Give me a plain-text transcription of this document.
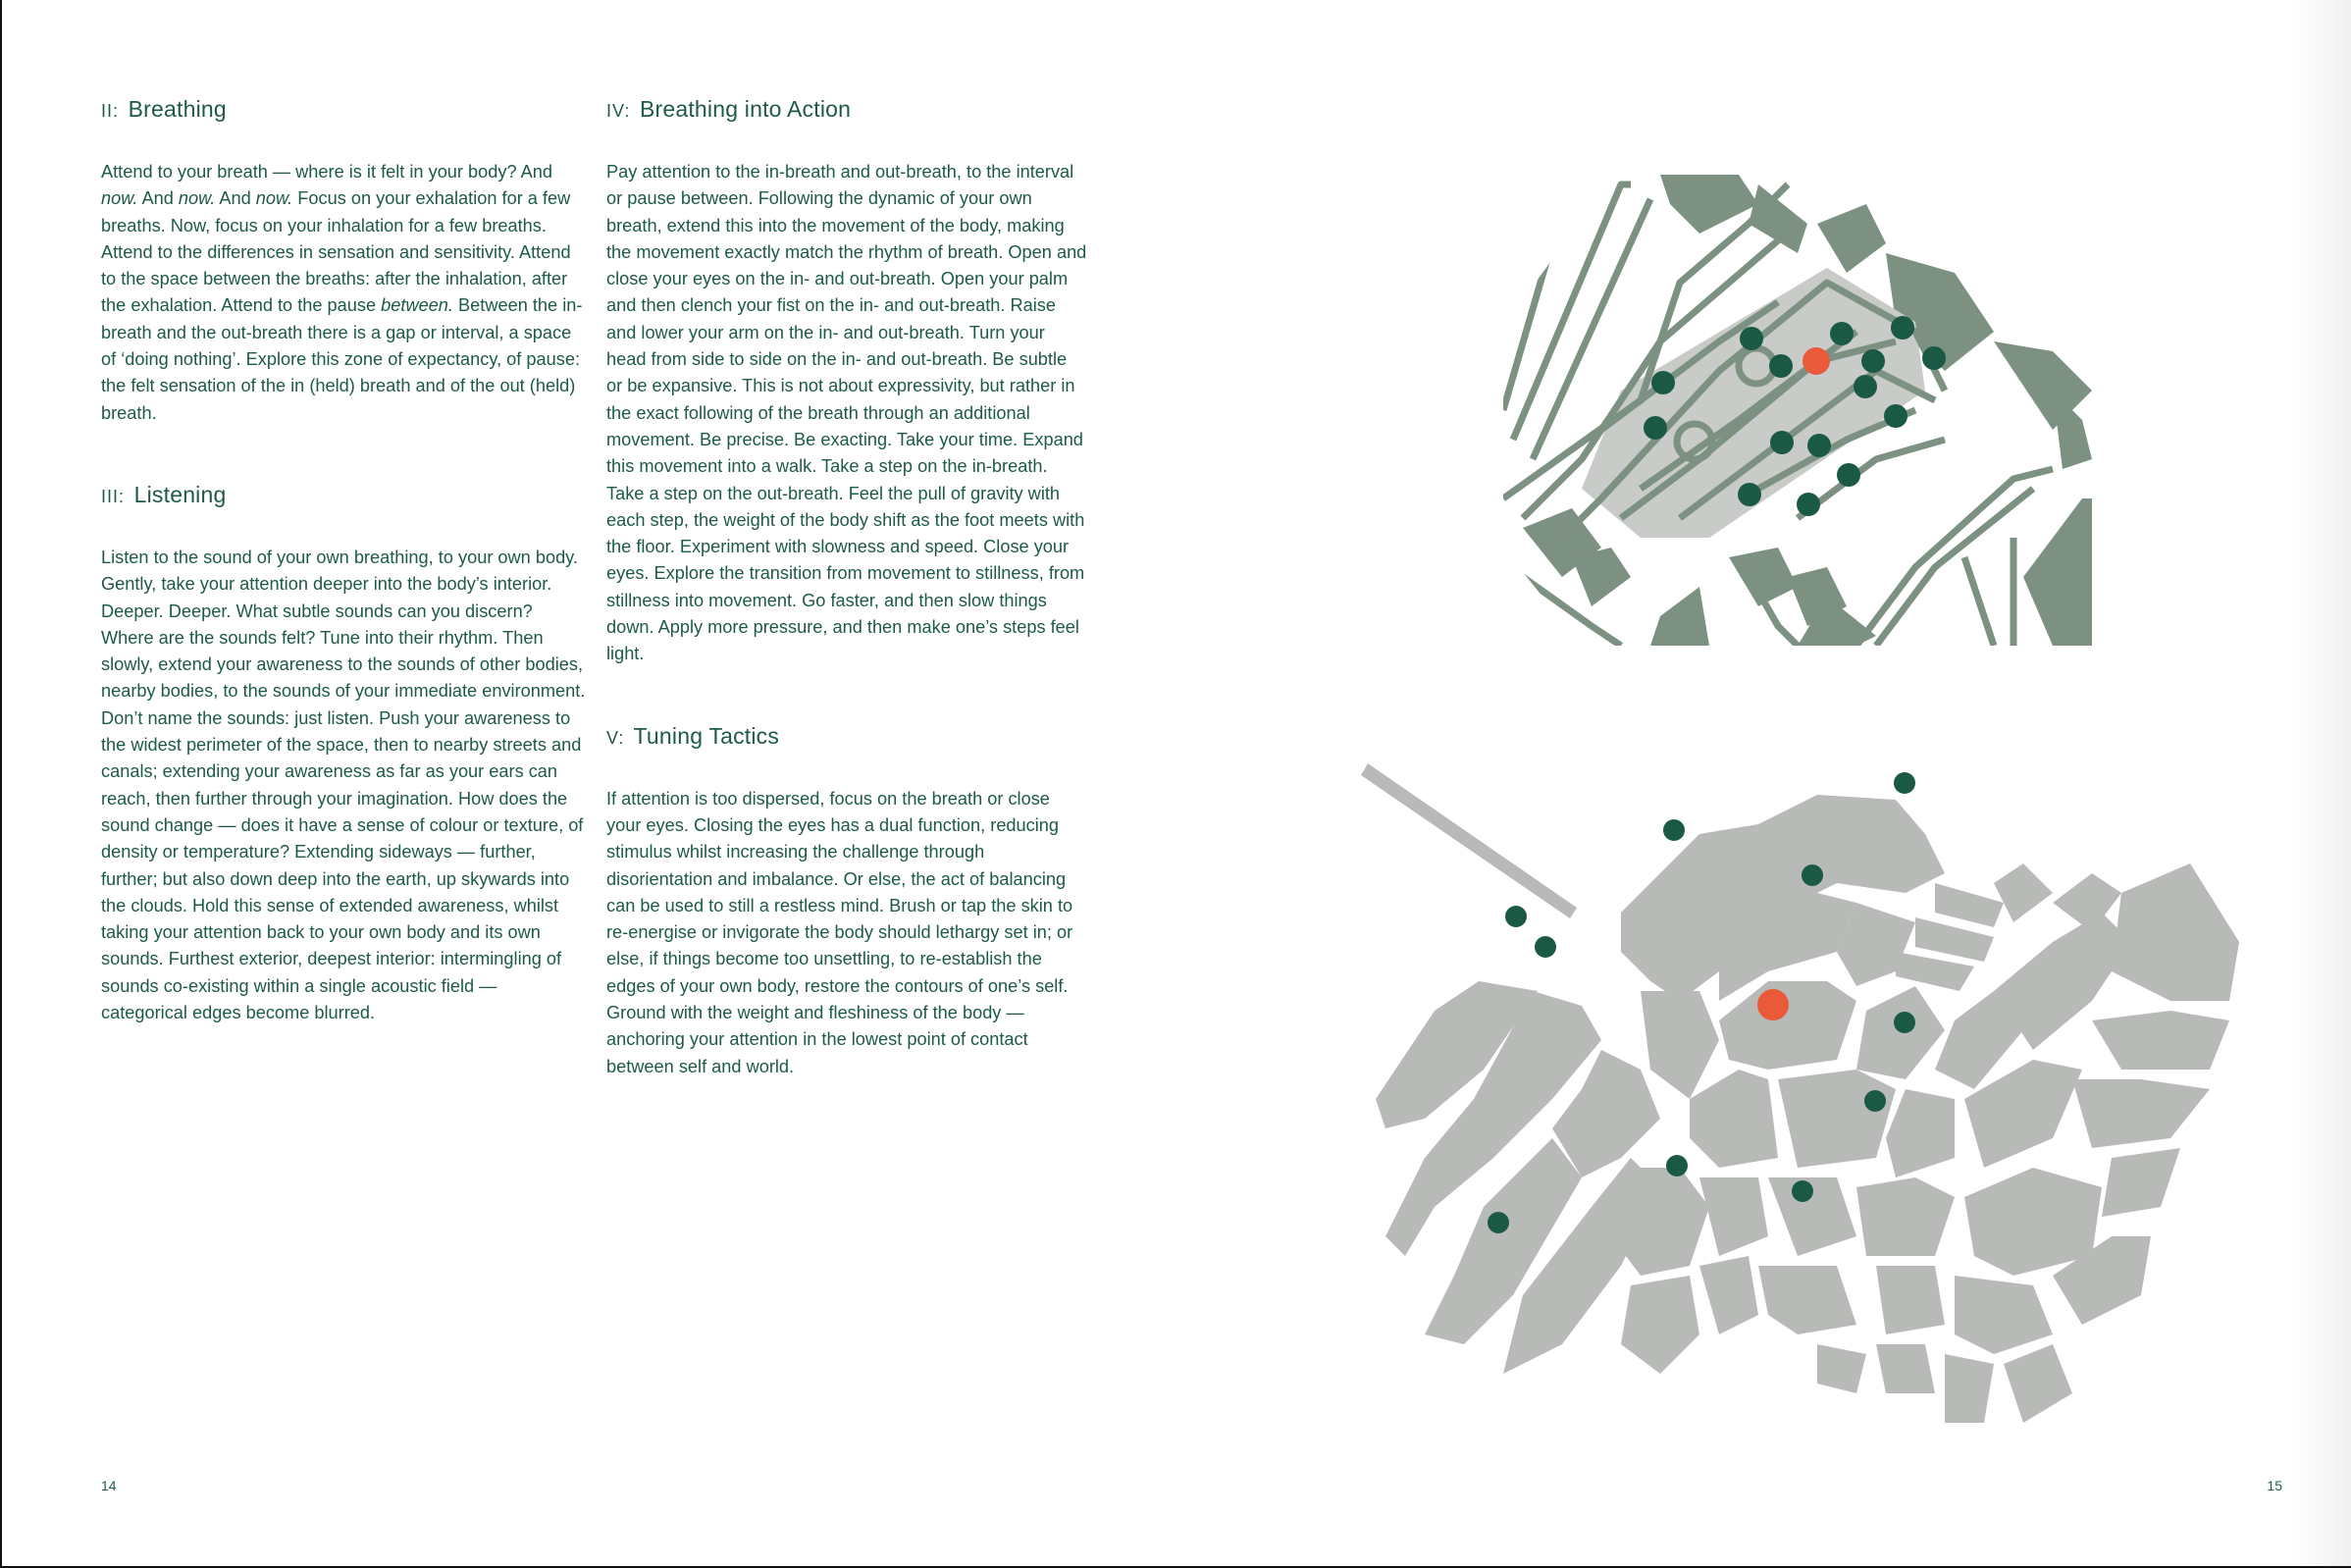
II: Breathing

Attend to your breath — where is it felt in your body? And now. And now. And now. Focus on your exhalation for a few breaths. Now, focus on your inhalation for a few breaths. Attend to the differences in sensation and sensitivity. Attend to the space between the breaths: after the inhalation, after the exhalation. Attend to the pause between. Between the in-breath and the out-breath there is a gap or interval, a space of ‘doing nothing’. Explore this zone of expectancy, of pause: the felt sensation of the in (held) breath and of the out (held) breath.

III: Listening

Listen to the sound of your own breathing, to your own body. Gently, take your attention deeper into the body’s interior. Deeper. Deeper. What subtle sounds can you discern? Where are the sounds felt? Tune into their rhythm. Then slowly, extend your awareness to the sounds of other bodies, nearby bodies, to the sounds of your immediate environment. Don’t name the sounds: just listen. Push your awareness to the widest perimeter of the space, then to nearby streets and canals; extending your awareness as far as your ears can reach, then further through your imagination. How does the sound change — does it have a sense of colour or texture, of density or temperature? Extending sideways — further, further; but also down deep into the earth, up skywards into the clouds. Hold this sense of extended awareness, whilst taking your attention back to your own body and its own sounds. Furthest exterior, deepest interior: intermingling of sounds co-existing within a single acoustic field — categorical edges become blurred.

IV: Breathing into Action

Pay attention to the in-breath and out-breath, to the interval or pause between. Following the dynamic of your own breath, extend this into the movement of the body, making the movement exactly match the rhythm of breath. Open and close your eyes on the in- and out-breath. Open your palm and then clench your fist on the in- and out-breath. Raise and lower your arm on the in- and out-breath. Turn your head from side to side on the in- and out-breath. Be subtle or be expansive. This is not about expressivity, but rather in the exact following of the breath through an additional movement. Be precise. Be exacting. Take your time. Expand this movement into a walk. Take a step on the in-breath. Take a step on the out-breath. Feel the pull of gravity with each step, the weight of the body shift as the foot meets with the floor. Experiment with slowness and speed. Close your eyes. Explore the transition from movement to stillness, from stillness into movement. Go faster, and then slow things down. Apply more pressure, and then make one’s steps feel light.

V: Tuning Tactics

If attention is too dispersed, focus on the breath or close your eyes. Closing the eyes has a dual function, reducing stimulus whilst increasing the challenge through disorientation and imbalance. Or else, the act of balancing can be used to still a restless mind. Brush or tap the skin to re-energise or invigorate the body should lethargy set in; or else, if things become too unsettling, to re-establish the edges of your own body, restore the contours of one’s self. Ground with the weight and fleshiness of the body — anchoring your attention in the lowest point of contact between self and world.

14	15
